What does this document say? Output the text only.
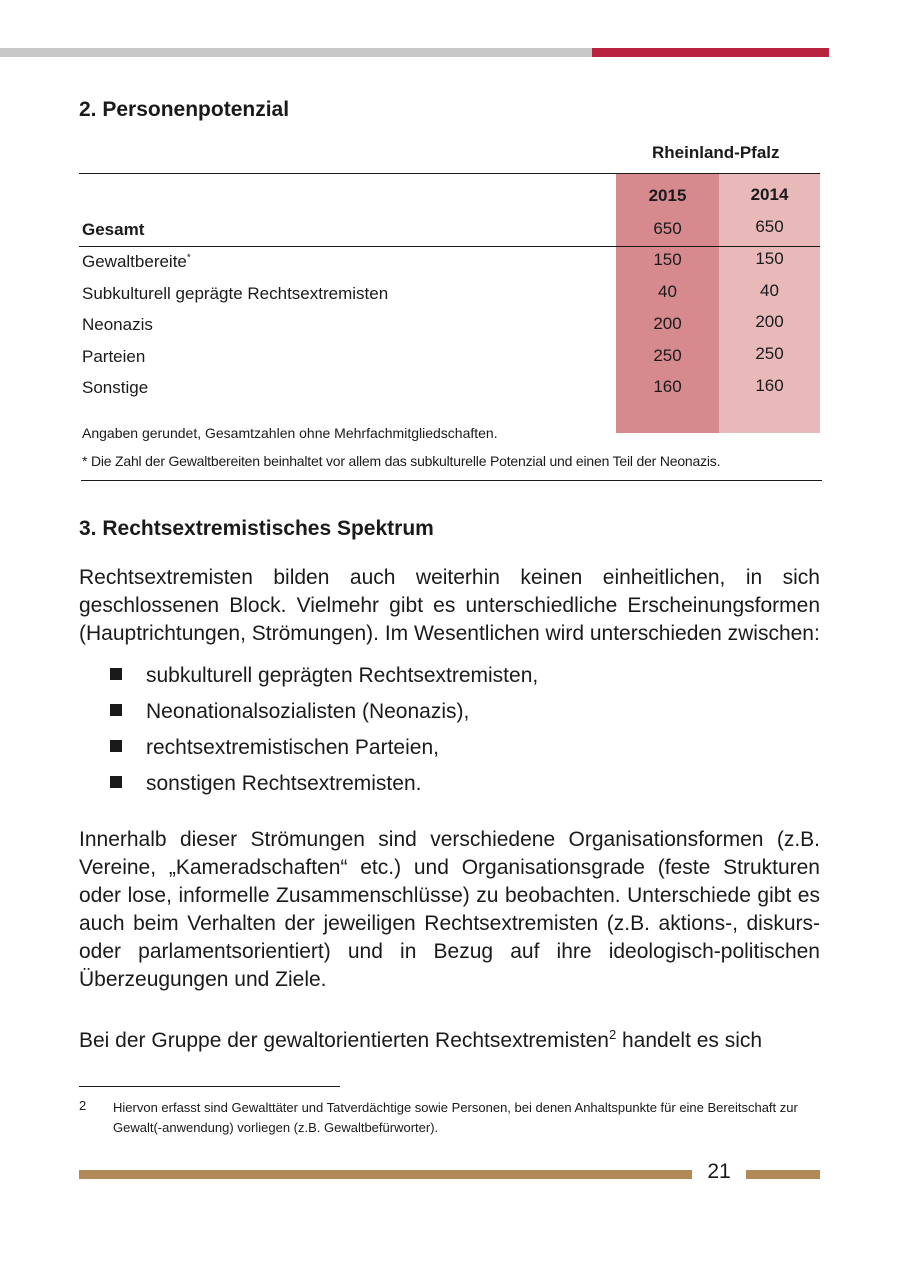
2. Personenpotenzial
Rheinland-Pfalz
2015	2014
Gesamt	650	650
Gewaltbereite*	150	150
Subkulturell geprägte Rechtsextremisten	40	40
Neonazis	200	200
Parteien	250	250
Sonstige	160	160
Angaben gerundet, Gesamtzahlen ohne Mehrfachmitgliedschaften.
* Die Zahl der Gewaltbereiten beinhaltet vor allem das subkulturelle Potenzial und einen Teil der Neonazis.
3. Rechtsextremistisches Spektrum

Rechtsextremisten bilden auch weiterhin keinen einheitlichen, in sich geschlossenen Block. Vielmehr gibt es unterschiedliche Erscheinungsformen (Hauptrichtungen, Strömungen). Im Wesentlichen wird unterschieden zwischen:

subkulturell geprägten Rechtsextremisten,
Neonationalsozialisten (Neonazis),
rechtsextremistischen Parteien,
sonstigen Rechtsextremisten.

Innerhalb dieser Strömungen sind verschiedene Organisationsformen (z.B. Vereine, „Kameradschaften“ etc.) und Organisationsgrade (feste Strukturen oder lose, informelle Zusammenschlüsse) zu beobachten. Unterschiede gibt es auch beim Verhalten der jeweiligen Rechtsextremisten (z.B. aktions-, diskurs- oder parlamentsorientiert) und in Bezug auf ihre ideologisch-politischen Überzeugungen und Ziele.

Bei der Gruppe der gewaltorientierten Rechtsextremisten$^2$ handelt es sich

2 Hiervon erfasst sind Gewalttäter und Tatverdächtige sowie Personen, bei denen Anhaltspunkte für eine Bereitschaft zur Gewalt(-anwendung) vorliegen (z.B. Gewaltbefürworter).
21
